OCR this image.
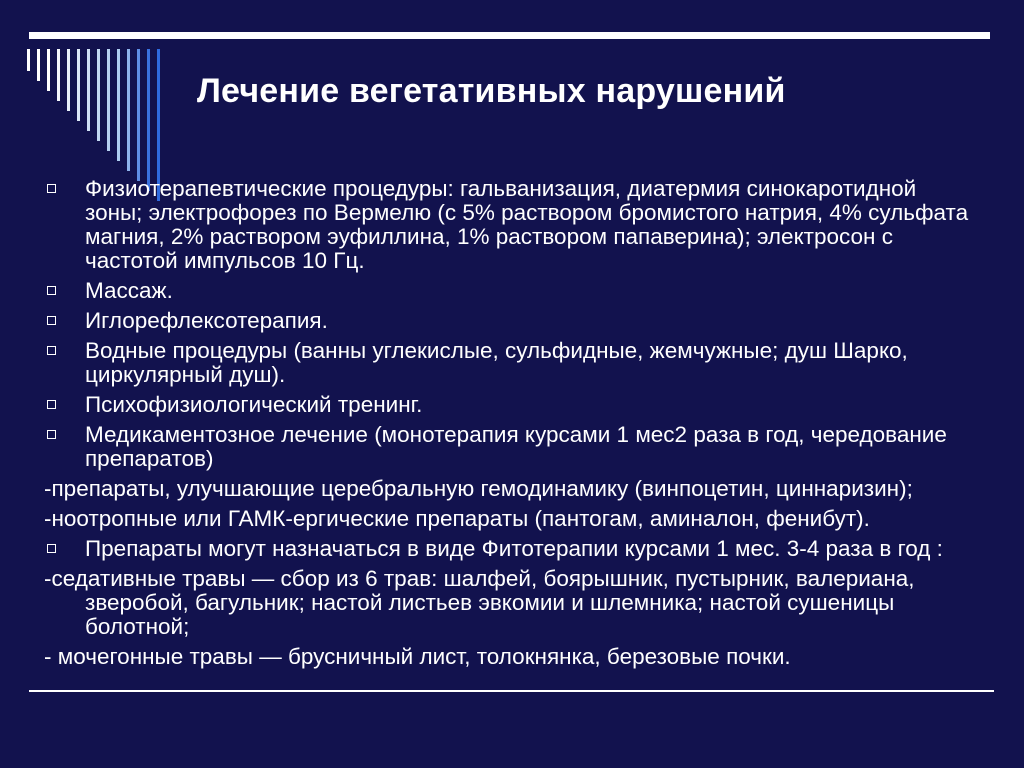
Лечение вегетативных нарушений
Физиотерапевтические процедуры: гальванизация, диатермия синокаротидной зоны; электрофорез по Вермелю (с 5% раствором бромистого натрия, 4% сульфата магния, 2% раствором эуфиллина, 1% раствором папаверина); электросон с частотой импульсов 10 Гц.
Массаж.
Иглорефлексотерапия.
Водные процедуры (ванны углекислые, сульфидные, жемчужные; душ Шарко, циркулярный душ).
Психофизиологический тренинг.
Медикаментозное лечение (монотерапия курсами 1 мес2 раза в год, чередование препаратов)
-препараты, улучшающие церебральную гемодинамику (винпоцетин, циннаризин);
-ноотропные или ГАМК-ергические препараты (пантогам, аминалон, фенибут).
Препараты могут назначаться в виде Фитотерапии курсами 1 мес. 3-4 раза в год :
-седативные травы — сбор из 6 трав: шалфей, боярышник, пустырник, валериана, зверобой, багульник; настой листьев эвкомии и шлемника; настой сушеницы болотной;
- мочегонные травы — брусничный лист, толокнянка, березовые почки.
